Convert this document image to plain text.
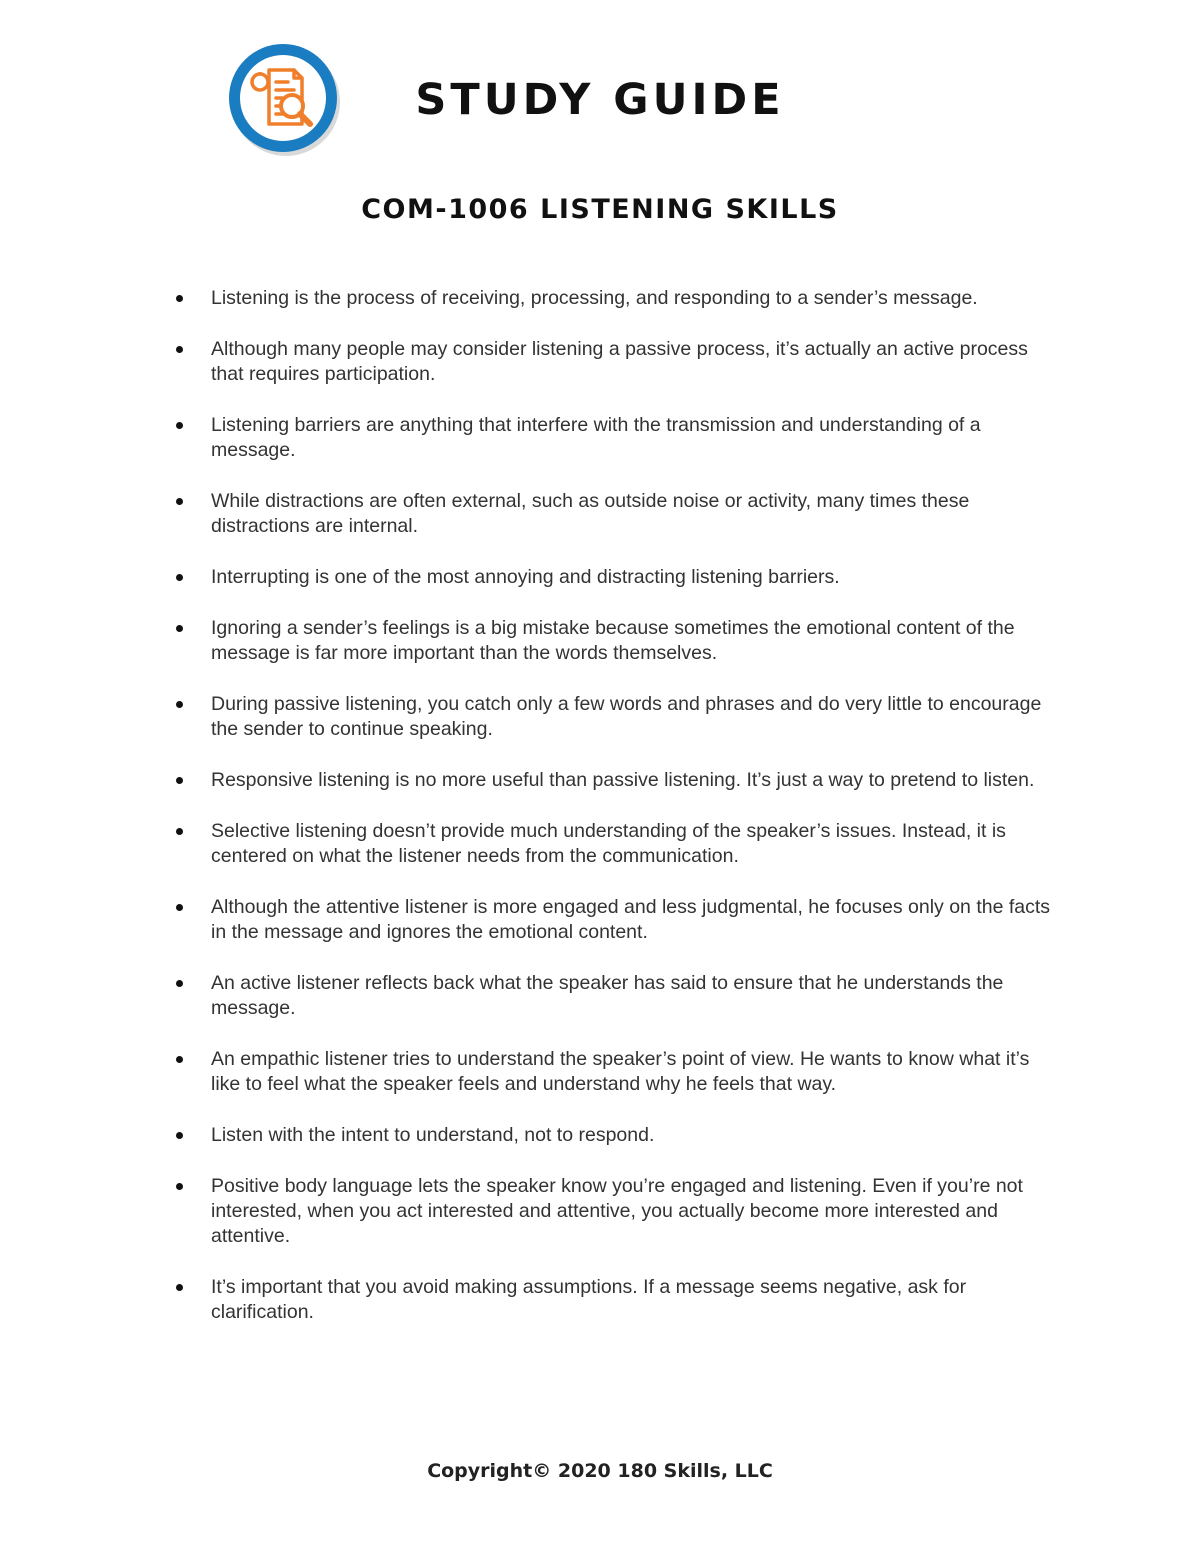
STUDY GUIDE
COM-1006 LISTENING SKILLS
Listening is the process of receiving, processing, and responding to a sender’s message.
Although many people may consider listening a passive process, it’s actually an active process that requires participation.
Listening barriers are anything that interfere with the transmission and understanding of a message.
While distractions are often external, such as outside noise or activity, many times these distractions are internal.
Interrupting is one of the most annoying and distracting listening barriers.
Ignoring a sender’s feelings is a big mistake because sometimes the emotional content of the message is far more important than the words themselves.
During passive listening, you catch only a few words and phrases and do very little to encourage the sender to continue speaking.
Responsive listening is no more useful than passive listening. It’s just a way to pretend to listen.
Selective listening doesn’t provide much understanding of the speaker’s issues. Instead, it is centered on what the listener needs from the communication.
Although the attentive listener is more engaged and less judgmental, he focuses only on the facts in the message and ignores the emotional content.
An active listener reflects back what the speaker has said to ensure that he understands the message.
An empathic listener tries to understand the speaker’s point of view. He wants to know what it’s like to feel what the speaker feels and understand why he feels that way.
Listen with the intent to understand, not to respond.
Positive body language lets the speaker know you’re engaged and listening. Even if you’re not interested, when you act interested and attentive, you actually become more interested and attentive.
It’s important that you avoid making assumptions. If a message seems negative, ask for clarification.
Copyright© 2020 180 Skills, LLC
